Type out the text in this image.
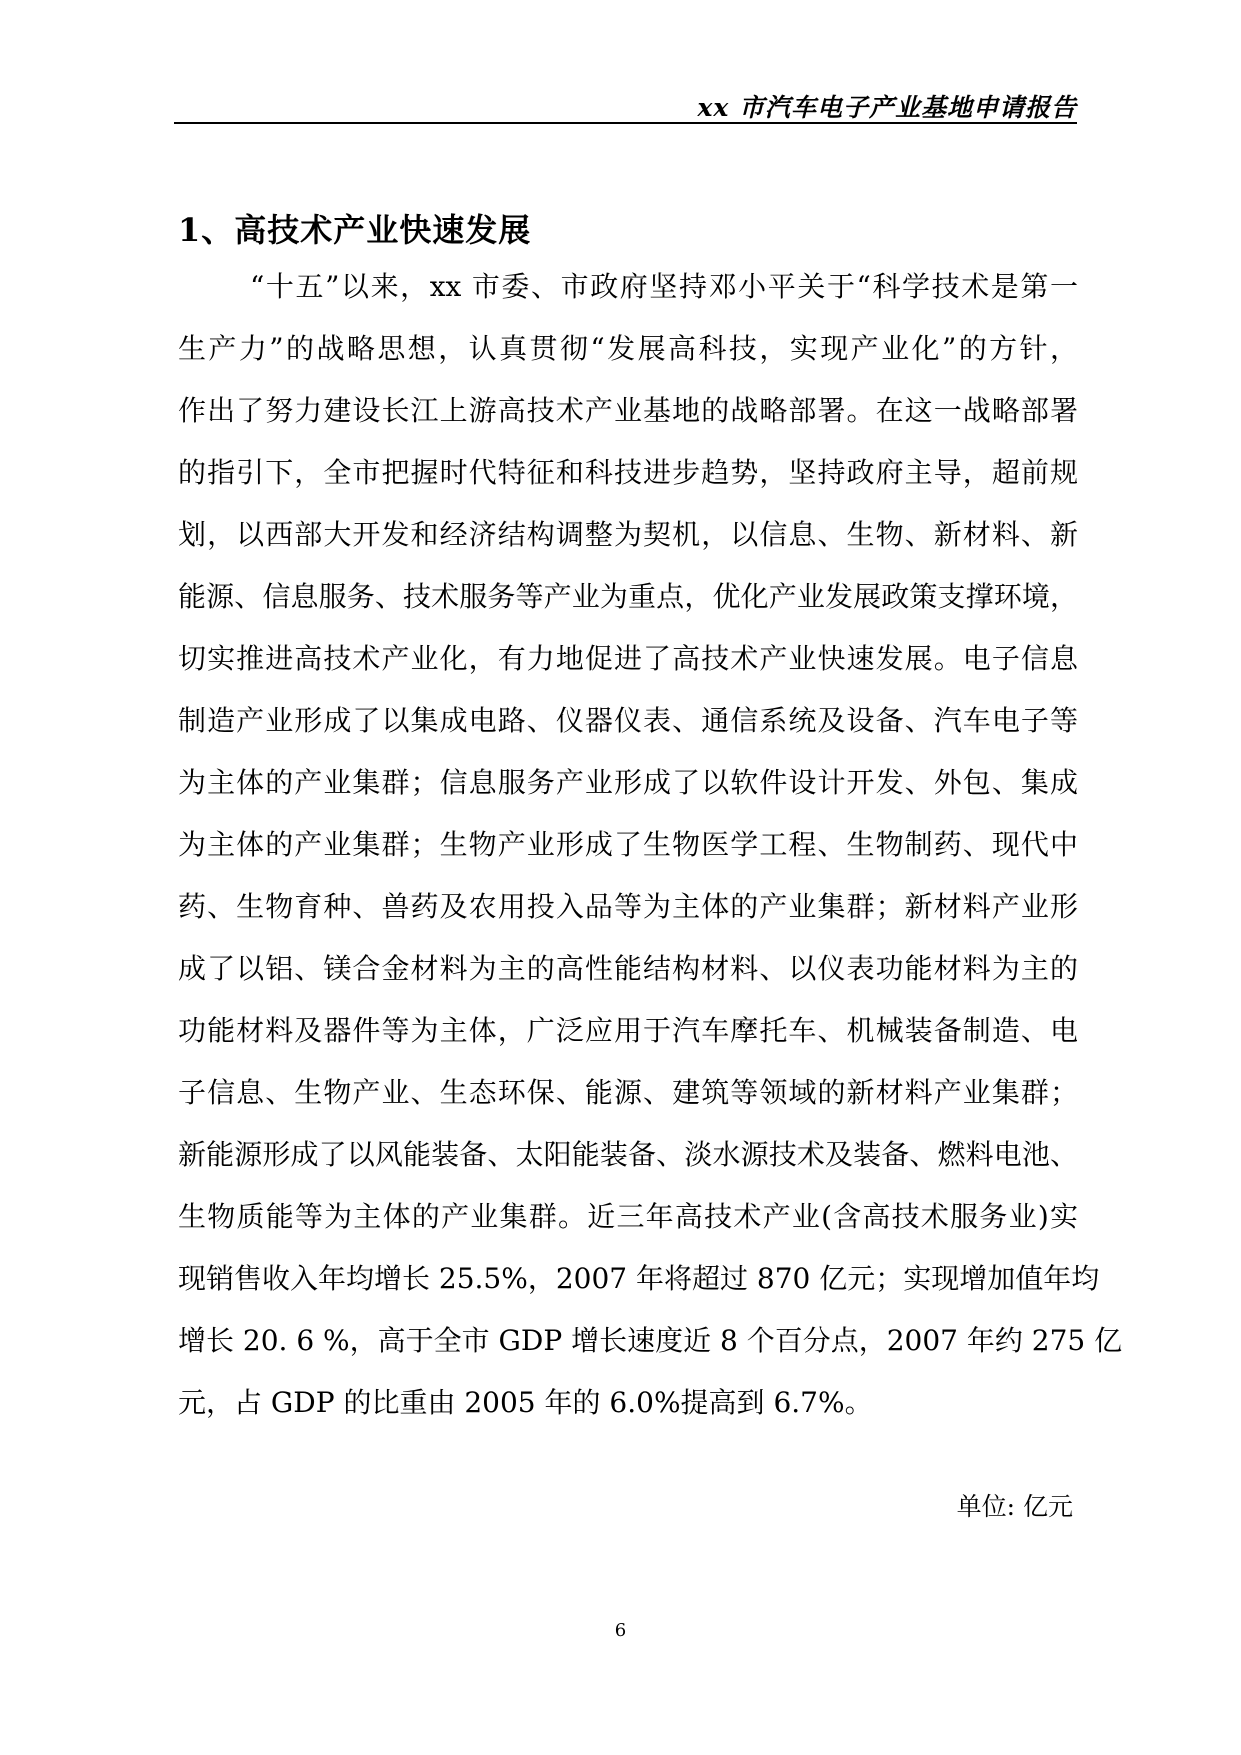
xx 市汽车电子产业基地申请报告
1、高技术产业快速发展
“十五”以来，xx 市委、市政府坚持邓小平关于“科学技术是第一
生产力”的战略思想，认真贯彻“发展高科技，实现产业化”的方针，
作出了努力建设长江上游高技术产业基地的战略部署。在这一战略部署
的指引下，全市把握时代特征和科技进步趋势，坚持政府主导，超前规
划，以西部大开发和经济结构调整为契机，以信息、生物、新材料、新
能源、信息服务、技术服务等产业为重点，优化产业发展政策支撑环境，
切实推进高技术产业化，有力地促进了高技术产业快速发展。电子信息
制造产业形成了以集成电路、仪器仪表、通信系统及设备、汽车电子等
为主体的产业集群；信息服务产业形成了以软件设计开发、外包、集成
为主体的产业集群；生物产业形成了生物医学工程、生物制药、现代中
药、生物育种、兽药及农用投入品等为主体的产业集群；新材料产业形
成了以铝、镁合金材料为主的高性能结构材料、以仪表功能材料为主的
功能材料及器件等为主体，广泛应用于汽车摩托车、机械装备制造、电
子信息、生物产业、生态环保、能源、建筑等领域的新材料产业集群；
新能源形成了以风能装备、太阳能装备、淡水源技术及装备、燃料电池、
生物质能等为主体的产业集群。近三年高技术产业(含高技术服务业)实
现销售收入年均增长 25.5%，2007 年将超过 870 亿元；实现增加值年均
增长 20. 6 %，高于全市 GDP 增长速度近 8 个百分点，2007 年约 275 亿
元，占 GDP 的比重由 2005 年的 6.0%提高到 6.7%。
单位: 亿元
6
